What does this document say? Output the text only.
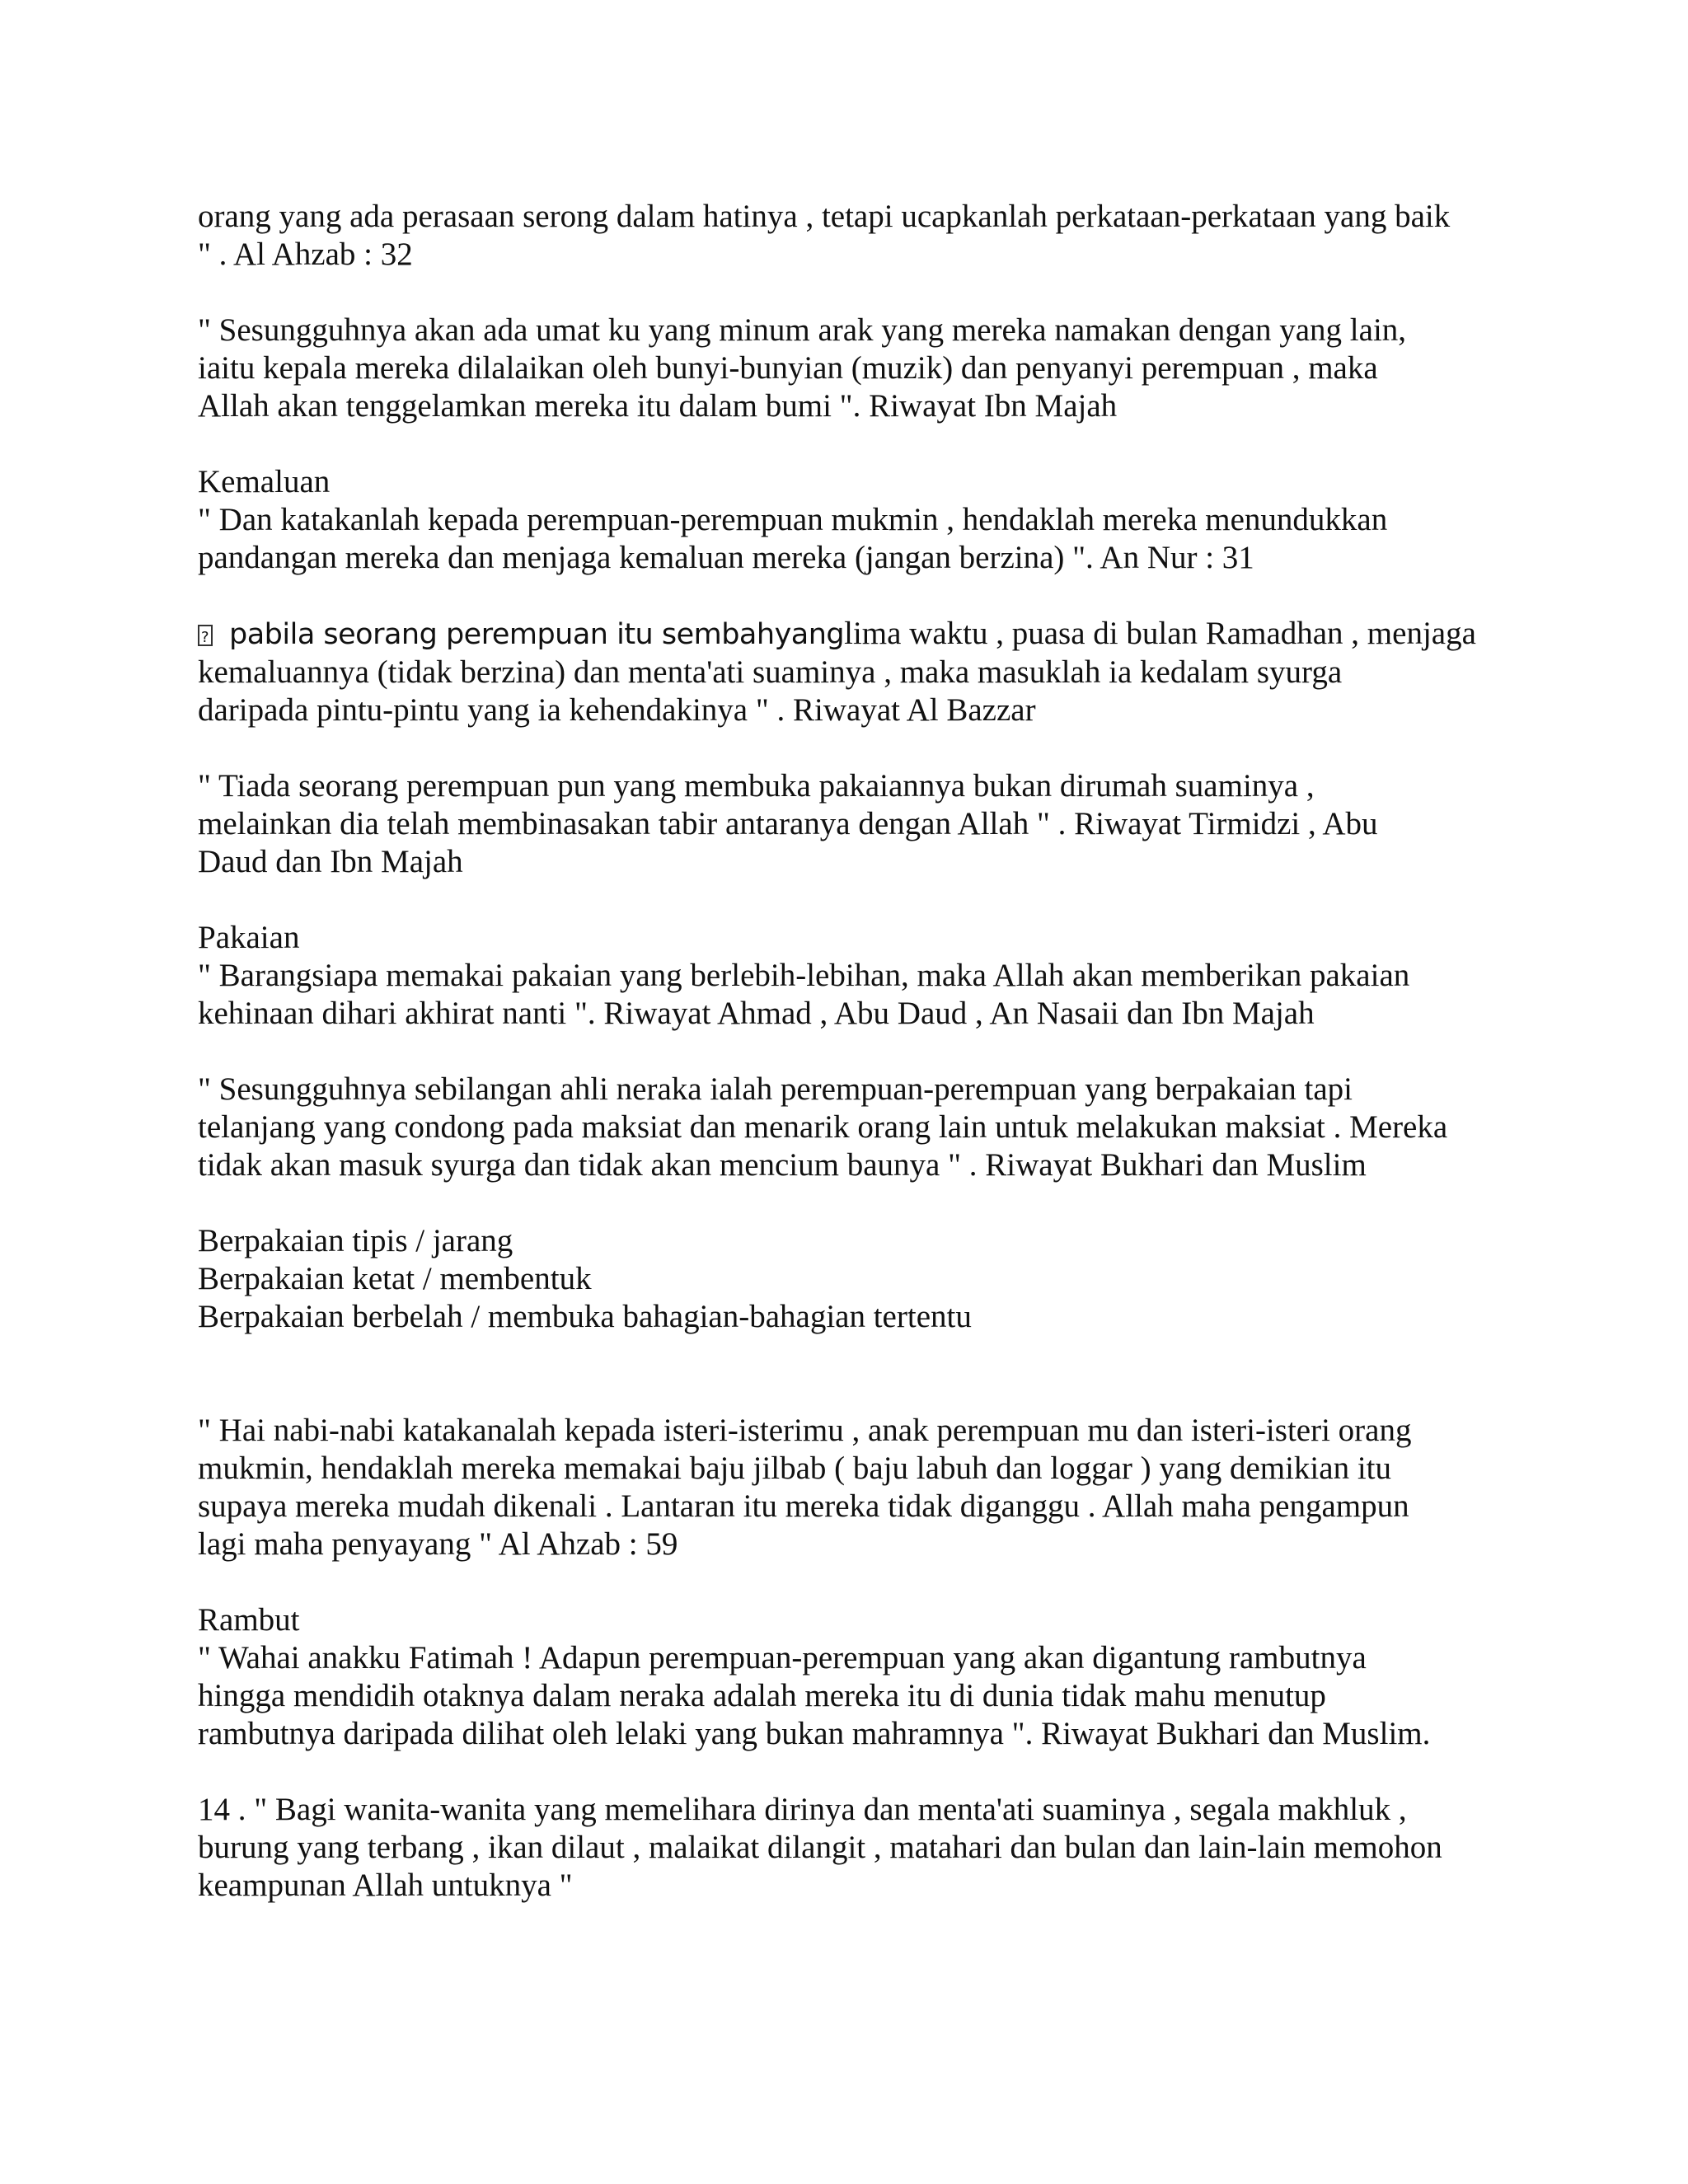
orang yang ada perasaan serong dalam hatinya , tetapi ucapkanlah perkataan-perkataan yang baik
" . Al Ahzab : 32

" Sesungguhnya akan ada umat ku yang minum arak yang mereka namakan dengan yang lain,
iaitu kepala mereka dilalaikan oleh bunyi-bunyian (muzik) dan penyanyi perempuan , maka
Allah akan tenggelamkan mereka itu dalam bumi ". Riwayat Ibn Majah

Kemaluan
" Dan katakanlah kepada perempuan-perempuan mukmin , hendaklah mereka menundukkan
pandangan mereka dan menjaga kemaluan mereka (jangan berzina) ". An Nur : 31

?pabila seorang perempuan itu sembahyanglima waktu , puasa di bulan Ramadhan , menjaga
kemaluannya (tidak berzina) dan menta'ati suaminya , maka masuklah ia kedalam syurga
daripada pintu-pintu yang ia kehendakinya " . Riwayat Al Bazzar

" Tiada seorang perempuan pun yang membuka pakaiannya bukan dirumah suaminya ,
melainkan dia telah membinasakan tabir antaranya dengan Allah " . Riwayat Tirmidzi , Abu
Daud dan Ibn Majah

Pakaian
" Barangsiapa memakai pakaian yang berlebih-lebihan, maka Allah akan memberikan pakaian
kehinaan dihari akhirat nanti ". Riwayat Ahmad , Abu Daud , An Nasaii dan Ibn Majah

" Sesungguhnya sebilangan ahli neraka ialah perempuan-perempuan yang berpakaian tapi
telanjang yang condong pada maksiat dan menarik orang lain untuk melakukan maksiat . Mereka
tidak akan masuk syurga dan tidak akan mencium baunya " . Riwayat Bukhari dan Muslim

Berpakaian tipis / jarang
Berpakaian ketat / membentuk
Berpakaian berbelah / membuka bahagian-bahagian tertentu

" Hai nabi-nabi katakanalah kepada isteri-isterimu , anak perempuan mu dan isteri-isteri orang
mukmin, hendaklah mereka memakai baju jilbab ( baju labuh dan loggar ) yang demikian itu
supaya mereka mudah dikenali . Lantaran itu mereka tidak diganggu . Allah maha pengampun
lagi maha penyayang " Al Ahzab : 59

Rambut
" Wahai anakku Fatimah ! Adapun perempuan-perempuan yang akan digantung rambutnya
hingga mendidih otaknya dalam neraka adalah mereka itu di dunia tidak mahu menutup
rambutnya daripada dilihat oleh lelaki yang bukan mahramnya ". Riwayat Bukhari dan Muslim.

14 . " Bagi wanita-wanita yang memelihara dirinya dan menta'ati suaminya , segala makhluk ,
burung yang terbang , ikan dilaut , malaikat dilangit , matahari dan bulan dan lain-lain memohon
keampunan Allah untuknya "
